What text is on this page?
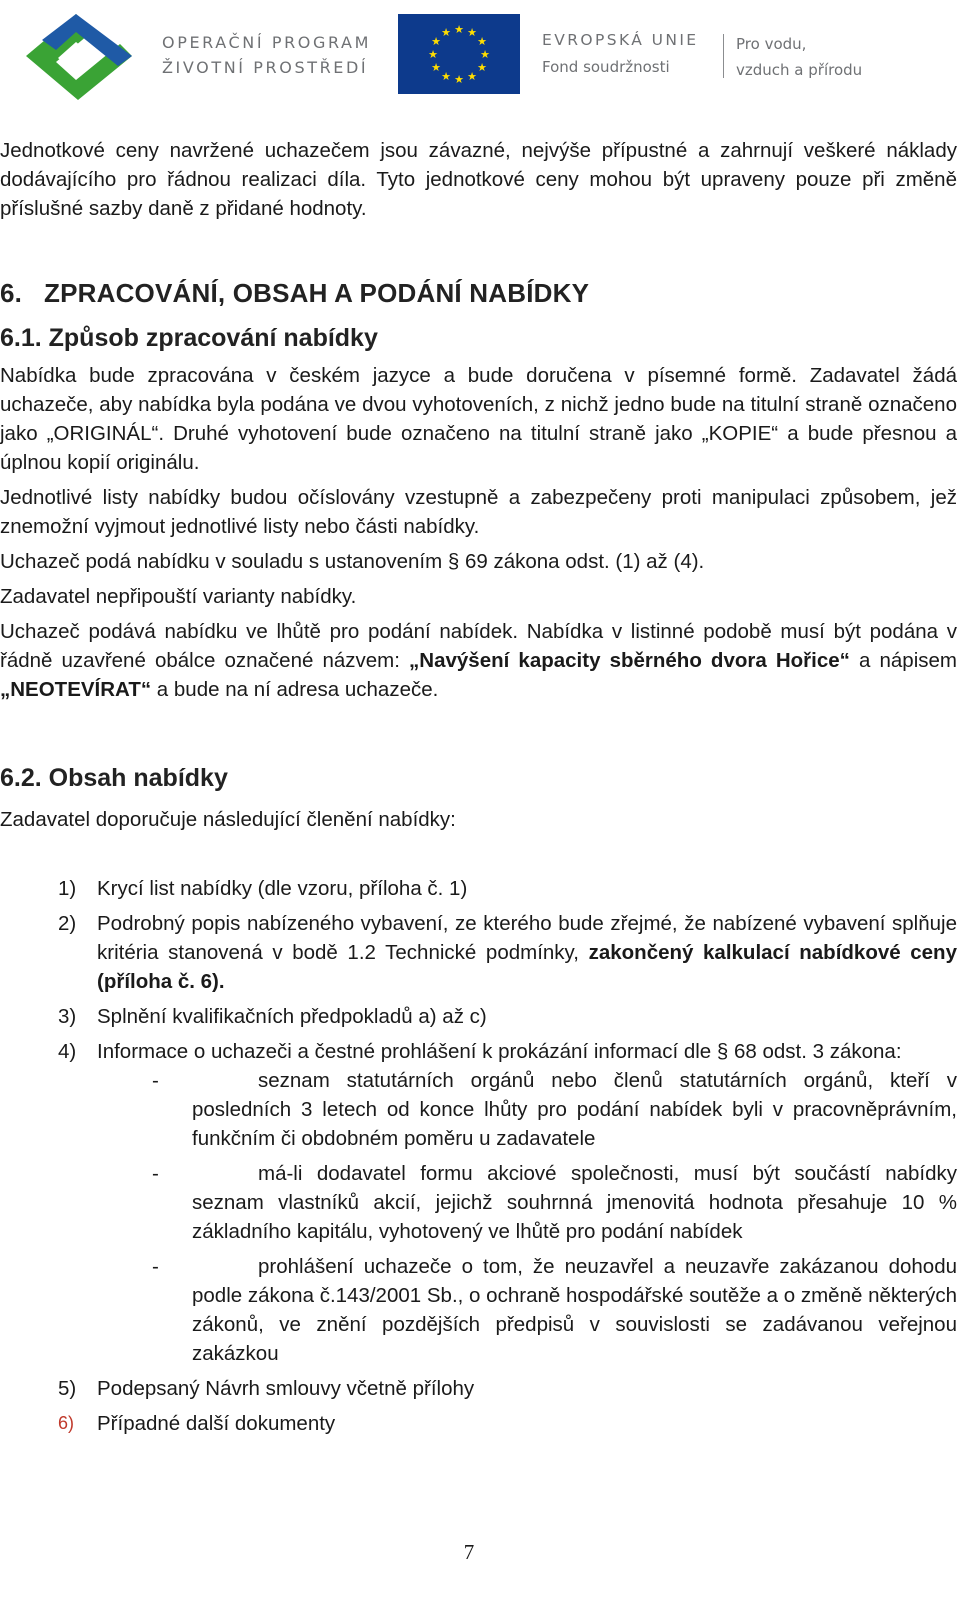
OPERAČNÍ PROGRAM
ŽIVOTNÍ PROSTŘEDÍ
★ ★
★
★
★
★
★
★
★
★
★
★	EVROPSKÁ UNIE
Fond soudržnosti
Pro vodu,
vzduch a přírodu

Jednotkové ceny navržené uchazečem jsou závazné, nejvýše přípustné a zahrnují veškeré náklady dodávajícího pro řádnou realizaci díla. Tyto jednotkové ceny mohou být upraveny pouze při změně příslušné sazby daně z přidané hodnoty.

6. ZPRACOVÁNÍ, OBSAH A PODÁNÍ NABÍDKY
6.1. Způsob zpracování nabídky

Nabídka bude zpracována v českém jazyce a bude doručena v písemné formě. Zadavatel žádá uchazeče, aby nabídka byla podána ve dvou vyhotoveních, z nichž jedno bude na titulní straně označeno jako „ORIGINÁL“. Druhé vyhotovení bude označeno na titulní straně jako „KOPIE“ a bude přesnou a úplnou kopií originálu.

Jednotlivé listy nabídky budou očíslovány vzestupně a zabezpečeny proti manipulaci způsobem, jež znemožní vyjmout jednotlivé listy nebo části nabídky.

Uchazeč podá nabídku v souladu s ustanovením § 69 zákona odst. (1) až (4).

Zadavatel nepřipouští varianty nabídky.

Uchazeč podává nabídku ve lhůtě pro podání nabídek. Nabídka v listinné podobě musí být podána v řádně uzavřené obálce označené názvem: „Navýšení kapacity sběrného dvora Hořice“ a nápisem „NEOTEVÍRAT“ a bude na ní adresa uchazeče.

6.2. Obsah nabídky

Zadavatel doporučuje následující členění nabídky:

1) Krycí list nabídky (dle vzoru, příloha č. 1)
2) Podrobný popis nabízeného vybavení, ze kterého bude zřejmé, že nabízené vybavení splňuje kritéria stanovená v bodě 1.2 Technické podmínky, zakončený kalkulací nabídkové ceny (příloha č. 6).
3) Splnění kvalifikačních předpokladů a) až c)
4) Informace o uchazeči a čestné prohlášení k prokázání informací dle § 68 odst. 3 zákona:
-	seznam statutárních orgánů nebo členů statutárních orgánů, kteří v posledních 3 letech od konce lhůty pro podání nabídek byli v pracovněprávním, funkčním či obdobném poměru u zadavatele
-	má-li dodavatel formu akciové společnosti, musí být součástí nabídky seznam vlastníků akcií, jejichž souhrnná jmenovitá hodnota přesahuje 10 % základního kapitálu, vyhotovený ve lhůtě pro podání nabídek
-	prohlášení uchazeče o tom, že neuzavřel a neuzavře zakázanou dohodu podle zákona č.143/2001 Sb., o ochraně hospodářské soutěže a o změně některých zákonů, ve znění pozdějších předpisů v souvislosti se zadávanou veřejnou zakázkou
5) Podepsaný Návrh smlouvy včetně přílohy
6) Případné další dokumenty
7
